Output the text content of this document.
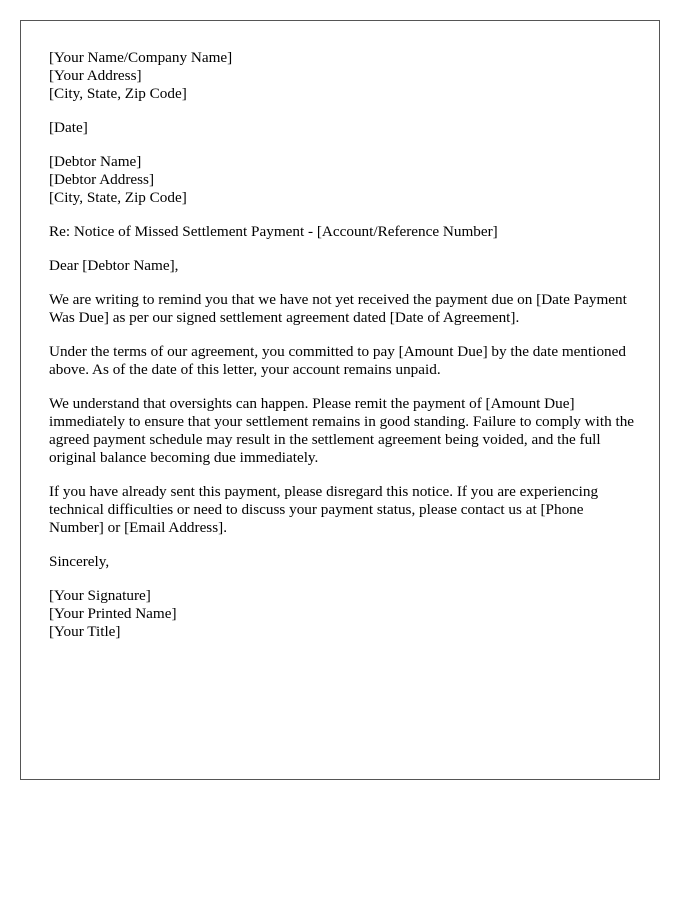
[Your Name/Company Name]
[Your Address]
[City, State, Zip Code]
[Date]
[Debtor Name]
[Debtor Address]
[City, State, Zip Code]
Re: Notice of Missed Settlement Payment - [Account/Reference Number]
Dear [Debtor Name],

We are writing to remind you that we have not yet received the payment due on [Date Payment Was Due] as per our signed settlement agreement dated [Date of Agreement].

Under the terms of our agreement, you committed to pay [Amount Due] by the date mentioned above. As of the date of this letter, your account remains unpaid.

We understand that oversights can happen. Please remit the payment of [Amount Due] immediately to ensure that your settlement remains in good standing. Failure to comply with the agreed payment schedule may result in the settlement agreement being voided, and the full original balance becoming due immediately.

If you have already sent this payment, please disregard this notice. If you are experiencing technical difficulties or need to discuss your payment status, please contact us at [Phone Number] or [Email Address].

Sincerely,
[Your Signature]
[Your Printed Name]
[Your Title]
